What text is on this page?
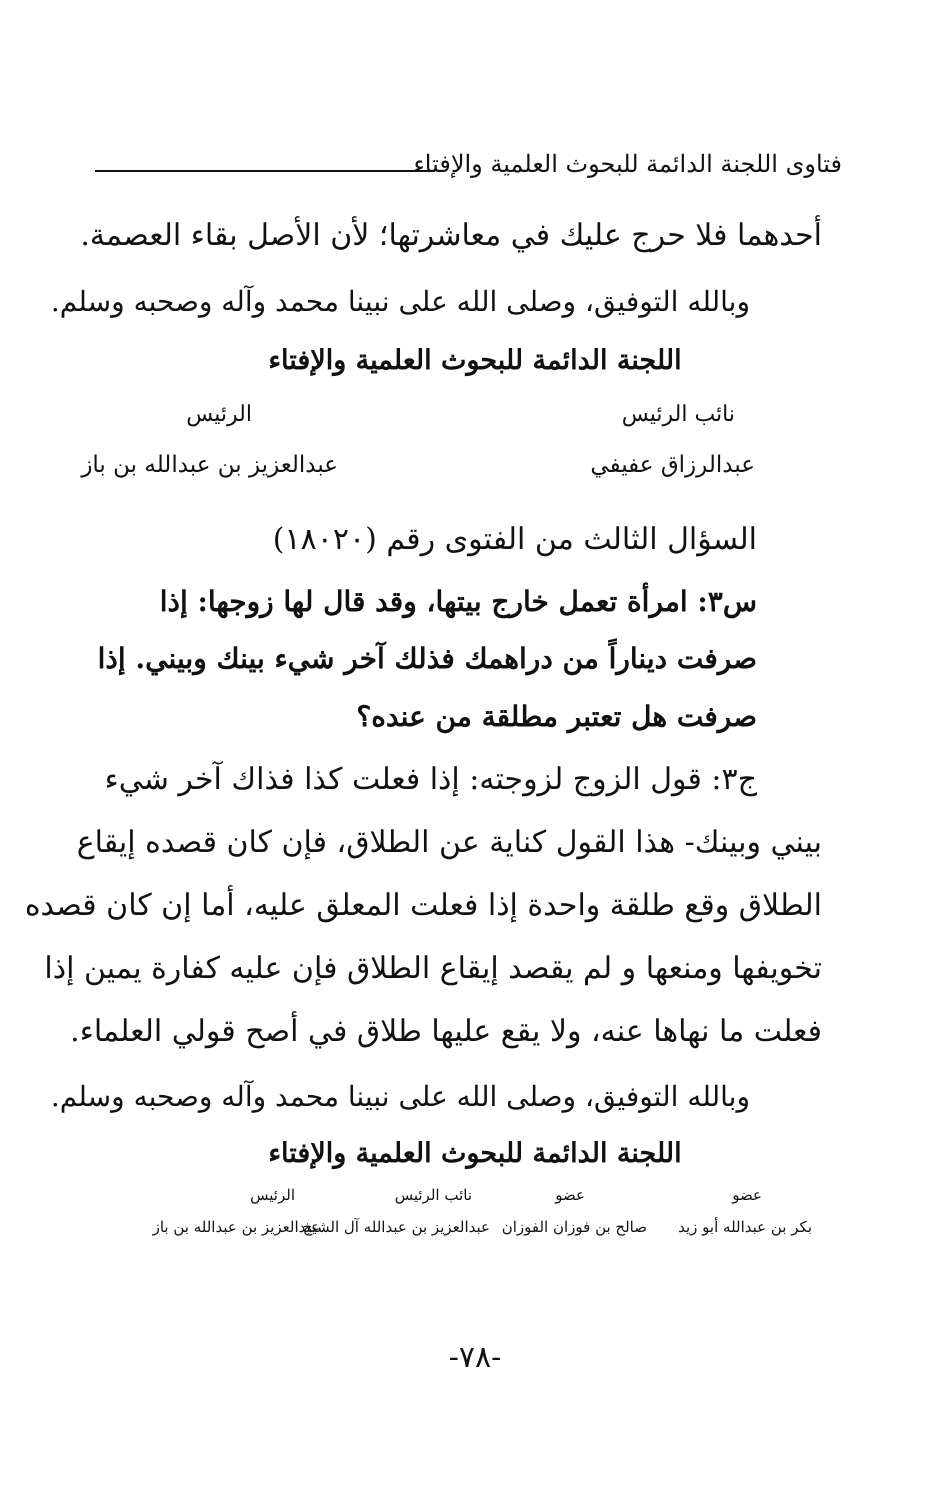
فتاوى اللجنة الدائمة للبحوث العلمية والإفتاء
أحدهما فلا حرج عليك في معاشرتها؛ لأن الأصل بقاء العصمة.
وبالله التوفيق، وصلى الله على نبينا محمد وآله وصحبه وسلم.
اللجنة الدائمة للبحوث العلمية والإفتاء
نائب الرئيس
عبدالرزاق عفيفي
الرئيس
عبدالعزيز بن عبدالله بن باز
السؤال الثالث من الفتوى رقم (١٨٠٢٠)
س٣: امرأة تعمل خارج بيتها، وقد قال لها زوجها: إذا
صرفت ديناراً من دراهمك فذلك آخر شيء بينك وبيني. إذا
صرفت هل تعتبر مطلقة من عنده؟
ج٣: قول الزوج لزوجته: إذا فعلت كذا فذاك آخر شيء
بيني وبينك- هذا القول كناية عن الطلاق، فإن كان قصده إيقاع
الطلاق وقع طلقة واحدة إذا فعلت المعلق عليه، أما إن كان قصده
تخويفها ومنعها و لم يقصد إيقاع الطلاق فإن عليه كفارة يمين إذا
فعلت ما نهاها عنه، ولا يقع عليها طلاق في أصح قولي العلماء.
وبالله التوفيق، وصلى الله على نبينا محمد وآله وصحبه وسلم.
اللجنة الدائمة للبحوث العلمية والإفتاء
عضو
بكر بن عبدالله أبو زيد
عضو
صالح بن فوزان الفوزان
نائب الرئيس
عبدالعزيز بن عبدالله آل الشيخ
الرئيس
عبدالعزيز بن عبدالله بن باز
-٧٨-
